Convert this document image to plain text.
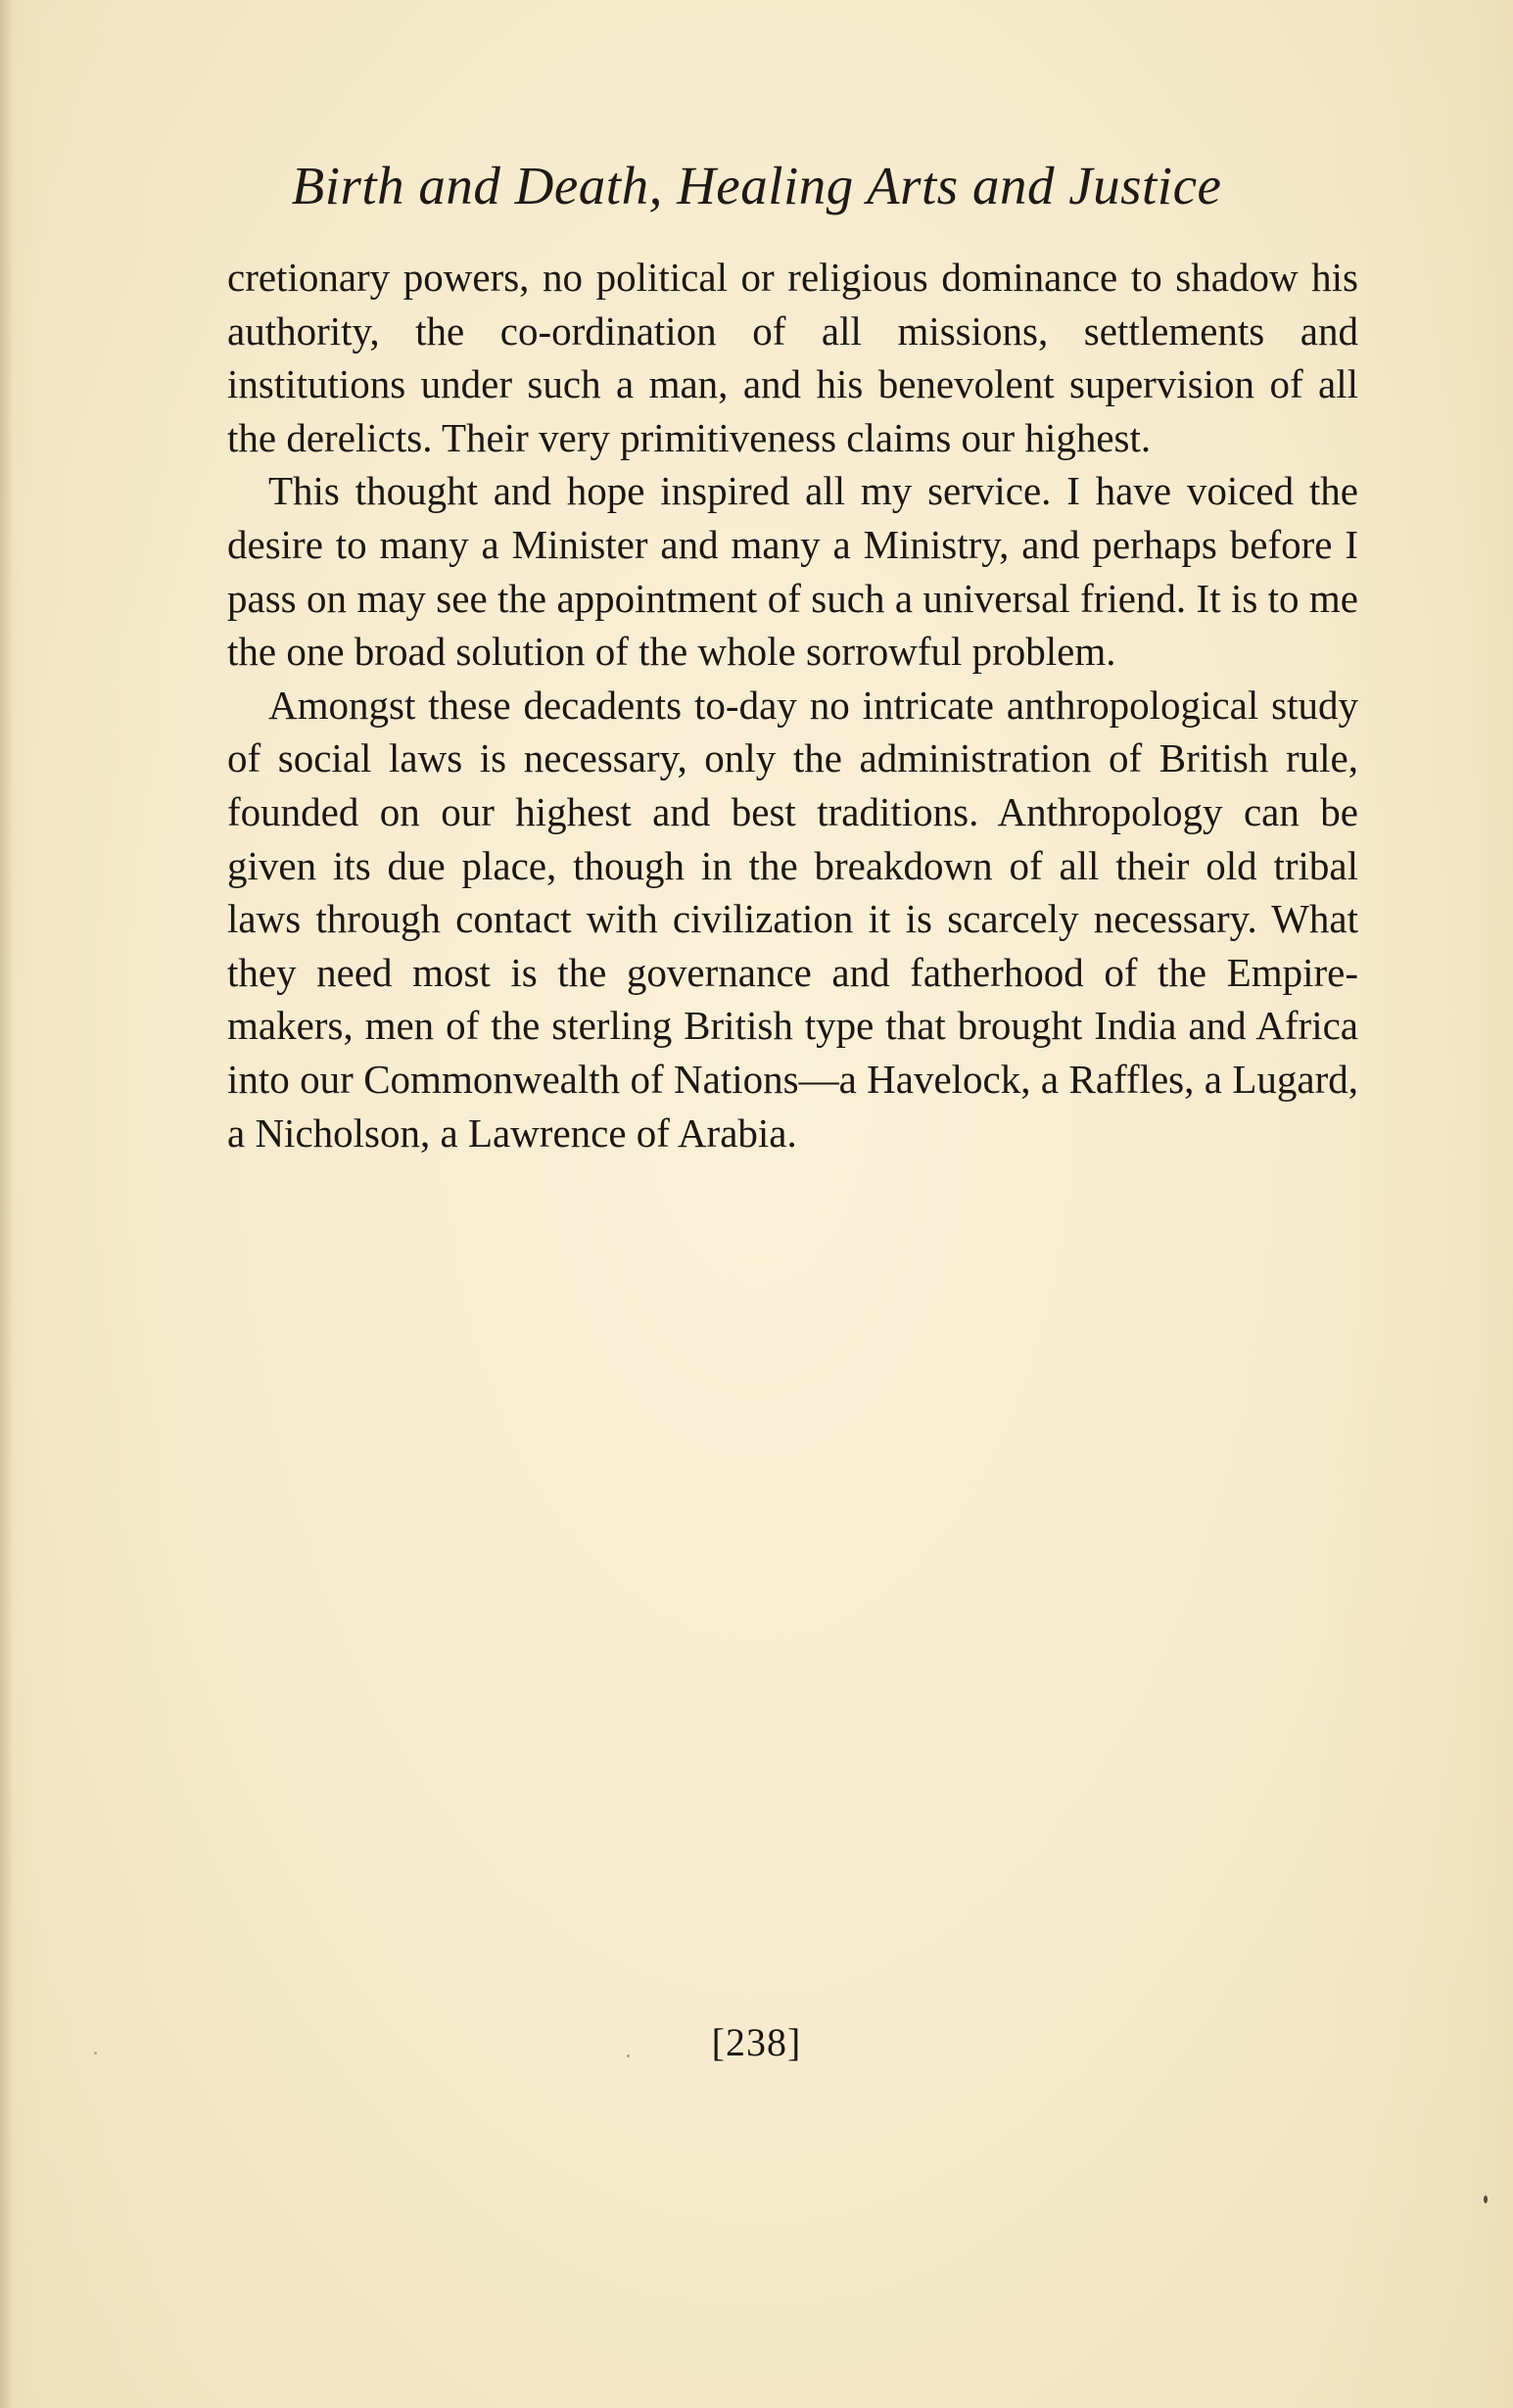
Birth and Death, Healing Arts and Justice

cretionary powers, no political or religious dominance to shadow his authority, the co-ordination of all missions, settlements and institutions under such a man, and his benevolent supervision of all the derelicts. Their very primitiveness claims our highest.

This thought and hope inspired all my service. I have voiced the desire to many a Minister and many a Ministry, and perhaps before I pass on may see the appointment of such a universal friend. It is to me the one broad solution of the whole sorrowful problem.

Amongst these decadents to-day no intricate anthropological study of social laws is necessary, only the administration of British rule, founded on our highest and best traditions. Anthropology can be given its due place, though in the breakdown of all their old tribal laws through contact with civilization it is scarcely necessary. What they need most is the governance and fatherhood of the Empire-makers, men of the sterling British type that brought India and Africa into our Commonwealth of Nations—a Havelock, a Raffles, a Lugard, a Nicholson, a Lawrence of Arabia.

[238]
